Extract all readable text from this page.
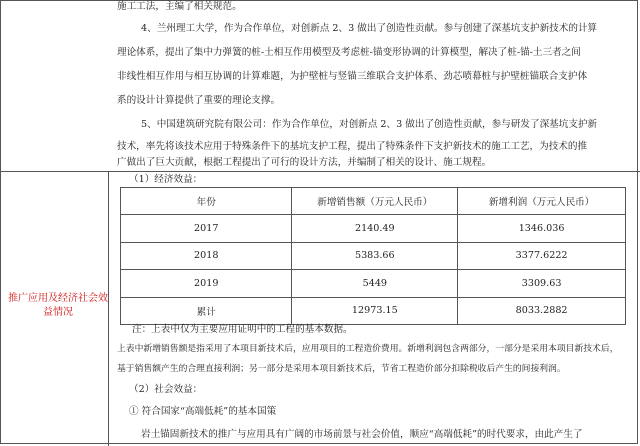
施工工法，主编了相关规范。
4、兰州理工大学，作为合作单位，对创新点 2、3 做出了创造性贡献。参与创建了深基坑支护新技术的计算
理论体系，提出了集中力弹簧的桩-土相互作用模型及考虑桩-锚变形协调的计算模型，解决了桩-锚-土三者之间
非线性相互作用与相互协调的计算难题，为护壁桩与竖锚三维联合支护体系、劲芯喷幕桩与护壁桩锚联合支护体
系的设计计算提供了重要的理论支撑。
5、中国建筑研究院有限公司：作为合作单位，对创新点 2、3 做出了创造性贡献，参与研发了深基坑支护新
技术，率先将该技术应用于特殊条件下的基坑支护工程，提出了特殊条件下支护新技术的施工工艺，为技术的推
广做出了巨大贡献，根据工程提出了可行的设计方法，并编制了相关的设计、施工规程。
推广应用及经济社会效益情况
（1）经济效益：
年份	新增销售额（万元人民币）	新增利润（万元人民币）
2017	2140.49	1346.036
2018	5383.66	3377.6222
2019	5449	3309.63
累计	12973.15	8033.2882
注：上表中仅为主要应用证明中的工程的基本数据。
上表中新增销售额是指采用了本项目新技术后，应用项目的工程造价费用。新增利润包含两部分，一部分是采用本项目新技术后，
基于销售额产生的合理直接利润；另一部分是采用本项目新技术后，节省工程造价部分扣除税收后产生的间接利润。
（2）社会效益：
① 符合国家“高端低耗”的基本国策
岩土锚固新技术的推广与应用具有广阔的市场前景与社会价值，顺应“高端低耗”的时代要求，由此产生了
